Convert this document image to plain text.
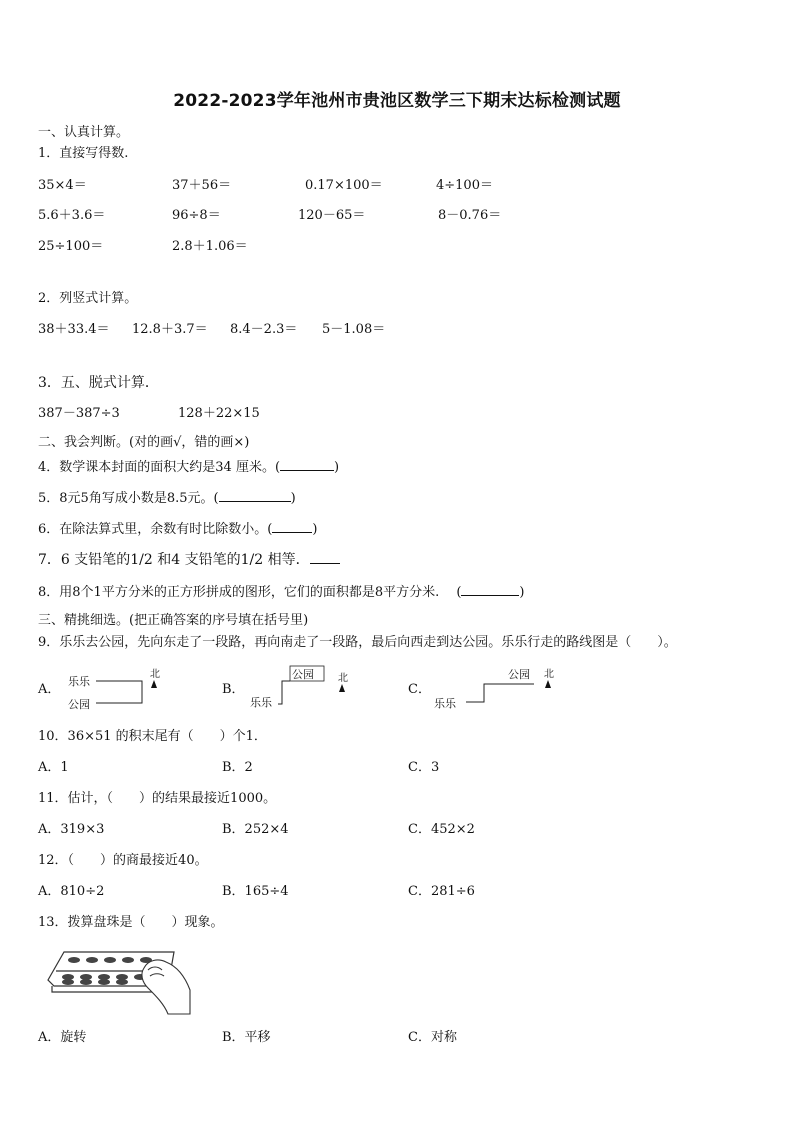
2022-2023学年池州市贵池区数学三下期末达标检测试题
一、认真计算。
1．直接写得数.
35×4＝	37＋56＝	0.17×100＝	4÷100＝
5.6＋3.6＝	96÷8＝	120－65＝	8－0.76＝
25÷100＝	2.8＋1.06＝
2．列竖式计算。
38＋33.4＝ 12.8＋3.7＝ 8.4－2.3＝ 5－1.08＝
3．五、脱式计算．
387－387÷3	128＋22×15
二、我会判断。(对的画√，错的画×)
4．数学课本封面的面积大约是34 厘米。(	)
5．8元5角写成小数是8.5元。(	)
6．在除法算式里，余数有时比除数小。(	)
7．6 支铅笔的1/2 和4 支铅笔的1/2 相等．
8．用8个1平方分米的正方形拼成的图形，它们的面积都是8平方分米.　 (	)
三、精挑细选。(把正确答案的序号填在括号里)
9．乐乐去公园，先向东走了一段路，再向南走了一段路，最后向西走到达公园。乐乐行走的路线图是（　　）。
A．
乐乐
公园
北
B．
公园
乐乐
北
C．
公园
乐乐
北
10．36×51 的积末尾有（　　）个1．
A．1	B．2	C．3
11．估计，（　　）的结果最接近1000。
A．319×3	B．252×4	C．452×2
12．（　　）的商最接近40。
A．810÷2	B．165÷4	C．281÷6
13．拨算盘珠是（　　）现象。
A．旋转	B．平移	C．对称
